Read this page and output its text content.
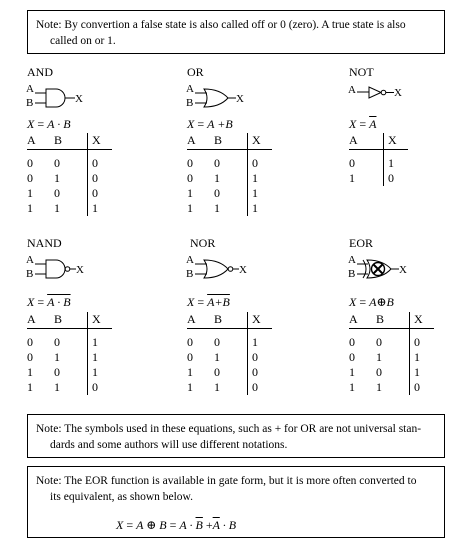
Note: By convertion a false state is also called off or 0 (zero). A true state is also
called on or 1.
AND
A
B	X
X = A · B
A	B	X

0	0	0
0	1	0
1	0	0
1	1	1
OR
A
B	X
X = A +B
A	B	X

0	0	0
0	1	1
1	0	1
1	1	1
NOT
A	X
$X = \overline{A}$
A	X

0	1
1	0
NAND
A
B	X
X = A · B
A	B	X

0	0	1
0	1	1
1	0	1
1	1	0
NOR
A
B	X
X = A+B
A	B	X

0	0	1
0	1	0
1	0	0
1	1	0
EOR
A
B	X
X = A⊕B
A	B	X

0	0	0
0	1	1
1	0	1
1	1	0
Note: The symbols used in these equations, such as + for OR are not universal stan-
dards and some authors will use different notations.
Note: The EOR function is available in gate form, but it is more often converted to
its equivalent, as shown below.
X = A ⊕ $B = A \cdot \overline{B} +\overline{A} \cdot B$
